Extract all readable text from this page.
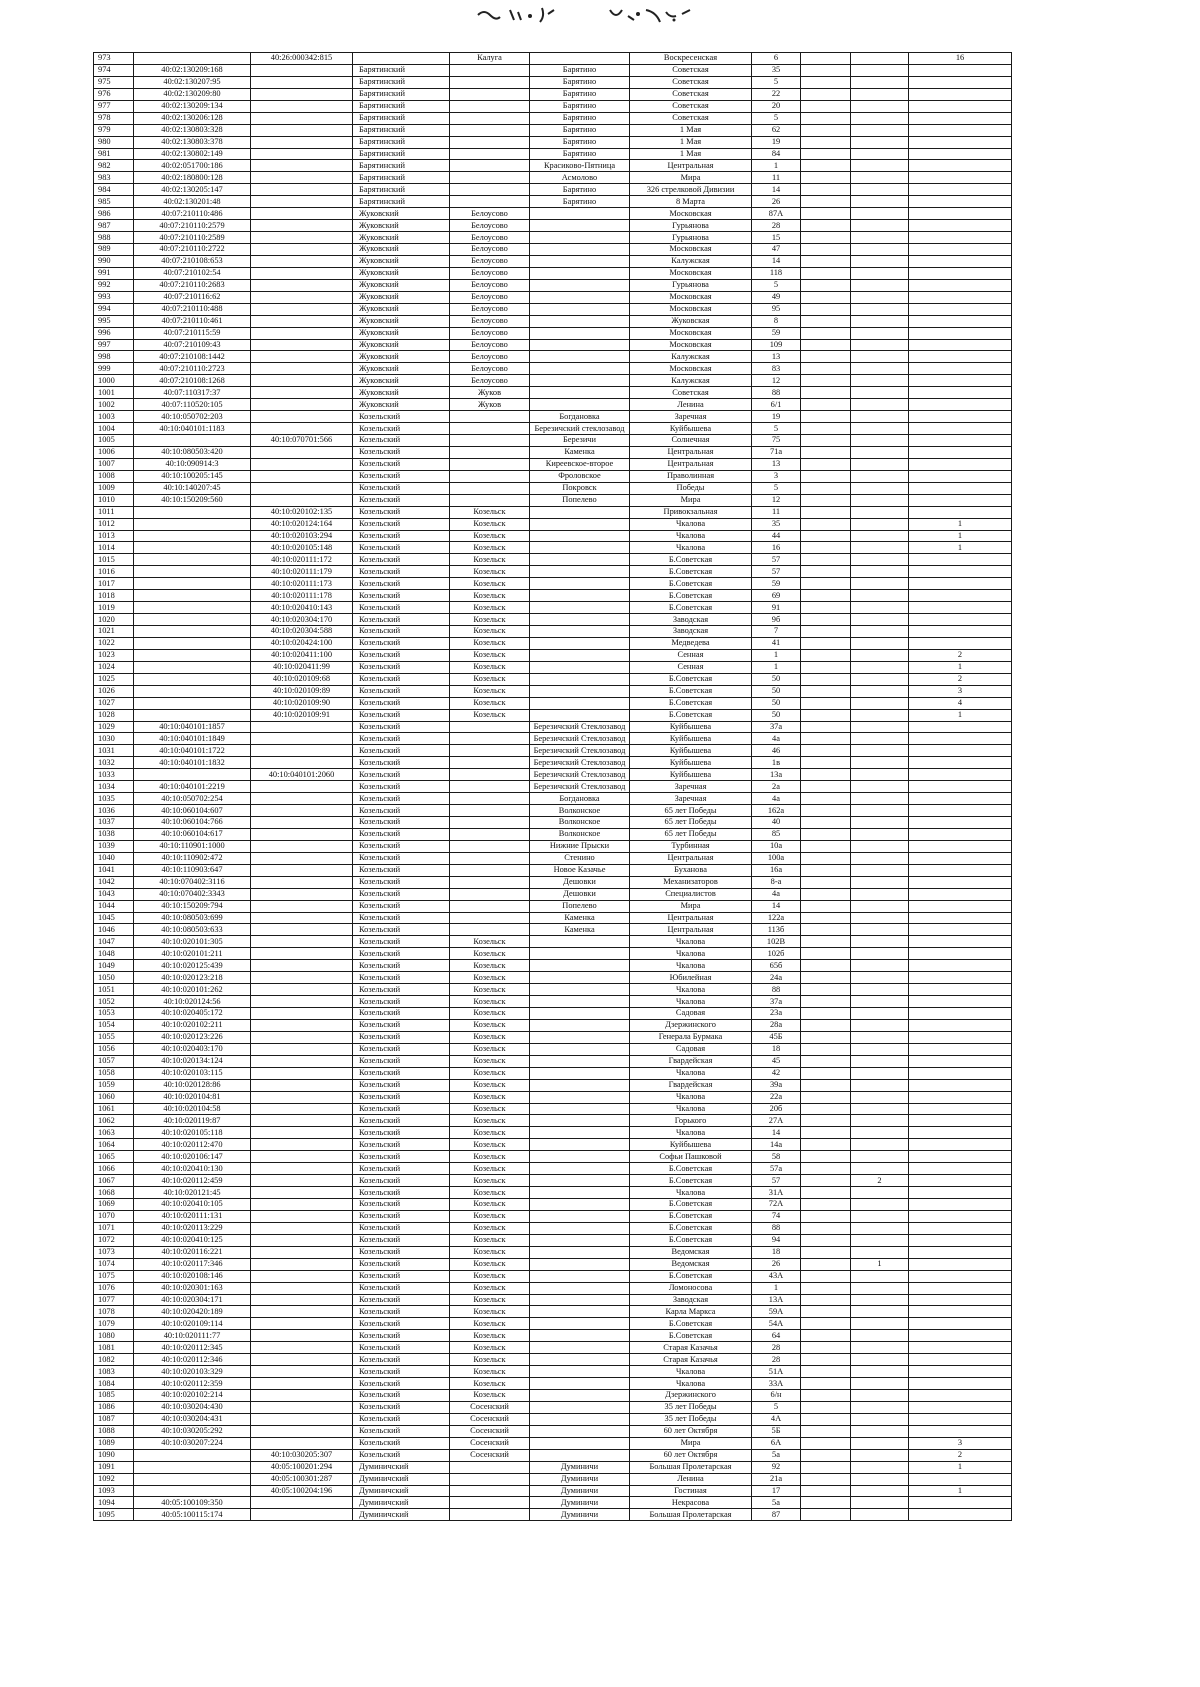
973		40:26:000342:815		Калуга		Воскресенская	6			16
974	40:02:130209:168		Барятинский		Барятино	Советская	35			
975	40:02:130207:95		Барятинский		Барятино	Советская	5			
976	40:02:130209:80		Барятинский		Барятино	Советская	22			
977	40:02:130209:134		Барятинский		Барятино	Советская	20			
978	40:02:130206:128		Барятинский		Барятино	Советская	5			
979	40:02:130803:328		Барятинский		Барятино	1 Мая	62			
980	40:02:130803:378		Барятинский		Барятино	1 Мая	19			
981	40:02:130802:149		Барятинский		Барятино	1 Мая	84			
982	40:02:051700:186		Барятинский		Красиково-Пятница	Центральная	1			
983	40:02:180800:128		Барятинский		Асмолово	Мира	11			
984	40:02:130205:147		Барятинский		Барятино	326 стрелковой Дивизии	14			
985	40:02:130201:48		Барятинский		Барятино	8 Марта	26			
986	40:07:210110:486		Жуковский	Белоусово		Московская	87А			
987	40:07:210110:2579		Жуковский	Белоусово		Гурьянова	28			
988	40:07:210110:2589		Жуковский	Белоусово		Гурьянова	15			
989	40:07:210110:2722		Жуковский	Белоусово		Московская	47			
990	40:07:210108:653		Жуковский	Белоусово		Калужская	14			
991	40:07:210102:54		Жуковский	Белоусово		Московская	118			
992	40:07:210110:2683		Жуковский	Белоусово		Гурьянова	5			
993	40:07:210116:62		Жуковский	Белоусово		Московская	49			
994	40:07:210110:488		Жуковский	Белоусово		Московская	95			
995	40:07:210110:461		Жуковский	Белоусово		Жуковская	8			
996	40:07:210115:59		Жуковский	Белоусово		Московская	59			
997	40:07:210109:43		Жуковский	Белоусово		Московская	109			
998	40:07:210108:1442		Жуковский	Белоусово		Калужская	13			
999	40:07:210110:2723		Жуковский	Белоусово		Московская	83			
1000	40:07:210108:1268		Жуковский	Белоусово		Калужская	12			
1001	40:07:110317:37		Жуковский	Жуков		Советская	88			
1002	40:07:110520:105		Жуковский	Жуков		Ленина	6/1			
1003	40:10:050702:203		Козельский		Богдановка	Заречная	19			
1004	40:10:040101:1183		Козельский		Березичский стеклозавод	Куйбышева	5			
1005		40:10:070701:566	Козельский		Березичи	Солнечная	75			
1006	40:10:080503:420		Козельский		Каменка	Центральная	71а			
1007	40:10:090914:3		Козельский		Киреевское-второе	Центральная	13			
1008	40:10:100205:145		Козельский		Фроловское	Праволинная	3			
1009	40:10:140207:45		Козельский		Покровск	Победы	5			
1010	40:10:150209:560		Козельский		Попелево	Мира	12			
1011		40:10:020102:135	Козельский	Козельск		Привокзальная	11			
1012		40:10:020124:164	Козельский	Козельск		Чкалова	35			1
1013		40:10:020103:294	Козельский	Козельск		Чкалова	44			1
1014		40:10:020105:148	Козельский	Козельск		Чкалова	16			1
1015		40:10:020111:172	Козельский	Козельск		Б.Советская	57			
1016		40:10:020111:179	Козельский	Козельск		Б.Советская	57			
1017		40:10:020111:173	Козельский	Козельск		Б.Советская	59			
1018		40:10:020111:178	Козельский	Козельск		Б.Советская	69			
1019		40:10:020410:143	Козельский	Козельск		Б.Советская	91			
1020		40:10:020304:170	Козельский	Козельск		Заводская	9б			
1021		40:10:020304:588	Козельский	Козельск		Заводская	7			
1022		40:10:020424:100	Козельский	Козельск		Медведева	41			
1023		40:10:020411:100	Козельский	Козельск		Сенная	1			2
1024		40:10:020411:99	Козельский	Козельск		Сенная	1			1
1025		40:10:020109:68	Козельский	Козельск		Б.Советская	50			2
1026		40:10:020109:89	Козельский	Козельск		Б.Советская	50			3
1027		40:10:020109:90	Козельский	Козельск		Б.Советская	50			4
1028		40:10:020109:91	Козельский	Козельск		Б.Советская	50			1
1029	40:10:040101:1857		Козельский		Березичский Стеклозавод	Куйбышева	37а			
1030	40:10:040101:1849		Козельский		Березичский Стеклозавод	Куйбышева	4а			
1031	40:10:040101:1722		Козельский		Березичский Стеклозавод	Куйбышева	46			
1032	40:10:040101:1832		Козельский		Березичский Стеклозавод	Куйбышева	1в			
1033		40:10:040101:2060	Козельский		Березичский Стеклозавод	Куйбышева	13а			
1034	40:10:040101:2219		Козельский		Березичский Стеклозавод	Заречная	2а			
1035	40:10:050702:254		Козельский		Богдановка	Заречная	4а			
1036	40:10:060104:607		Козельский		Волконское	65 лет Победы	162а			
1037	40:10:060104:766		Козельский		Волконское	65 лет Победы	40			
1038	40:10:060104:617		Козельский		Волконское	65 лет Победы	85			
1039	40:10:110901:1000		Козельский		Нижние Прыски	Турбинная	10а			
1040	40:10:110902:472		Козельский		Стенино	Центральная	100а			
1041	40:10:110903:647		Козельский		Новое Казачье	Буханова	16а			
1042	40:10:070402:3116		Козельский		Дешовки	Механизаторов	8-а			
1043	40:10:070402:3343		Козельский		Дешовки	Специалистов	4а			
1044	40:10:150209:794		Козельский		Попелево	Мира	14			
1045	40:10:080503:699		Козельский		Каменка	Центральная	122а			
1046	40:10:080503:633		Козельский		Каменка	Центральная	113б			
1047	40:10:020101:305		Козельский	Козельск		Чкалова	102В			
1048	40:10:020101:211		Козельский	Козельск		Чкалова	102б			
1049	40:10:020125:439		Козельский	Козельск		Чкалова	65б			
1050	40:10:020123:218		Козельский	Козельск		Юбилейная	24а			
1051	40:10:020101:262		Козельский	Козельск		Чкалова	88			
1052	40:10:020124:56		Козельский	Козельск		Чкалова	37а			
1053	40:10:020405:172		Козельский	Козельск		Садовая	23а			
1054	40:10:020102:211		Козельский	Козельск		Дзержинского	28а			
1055	40:10:020123:226		Козельский	Козельск		Генерала Бурмака	45Б			
1056	40:10:020403:170		Козельский	Козельск		Садовая	18			
1057	40:10:020134:124		Козельский	Козельск		Гвардейская	45			
1058	40:10:020103:115		Козельский	Козельск		Чкалова	42			
1059	40:10:020128:86		Козельский	Козельск		Гвардейская	39а			
1060	40:10:020104:81		Козельский	Козельск		Чкалова	22а			
1061	40:10:020104:58		Козельский	Козельск		Чкалова	20б			
1062	40:10:020119:87		Козельский	Козельск		Горького	27А			
1063	40:10:020105:118		Козельский	Козельск		Чкалова	14			
1064	40:10:020112:470		Козельский	Козельск		Куйбышева	14а			
1065	40:10:020106:147		Козельский	Козельск		Софьи Пашковой	58			
1066	40:10:020410:130		Козельский	Козельск		Б.Советская	57а			
1067	40:10:020112:459		Козельский	Козельск		Б.Советская	57		2	
1068	40:10:020121:45		Козельский	Козельск		Чкалова	31А			
1069	40:10:020410:105		Козельский	Козельск		Б.Советская	72А			
1070	40:10:020111:131		Козельский	Козельск		Б.Советская	74			
1071	40:10:020113:229		Козельский	Козельск		Б.Советская	88			
1072	40:10:020410:125		Козельский	Козельск		Б.Советская	94			
1073	40:10:020116:221		Козельский	Козельск		Ведомская	18			
1074	40:10:020117:346		Козельский	Козельск		Ведомская	26		1	
1075	40:10:020108:146		Козельский	Козельск		Б.Советская	43А			
1076	40:10:020301:163		Козельский	Козельск		Ломоносова	1			
1077	40:10:020304:171		Козельский	Козельск		Заводская	13А			
1078	40:10:020420:189		Козельский	Козельск		Карла Маркса	59А			
1079	40:10:020109:114		Козельский	Козельск		Б.Советская	54А			
1080	40:10:020111:77		Козельский	Козельск		Б.Советская	64			
1081	40:10:020112:345		Козельский	Козельск		Старая Казачья	28			
1082	40:10:020112:346		Козельский	Козельск		Старая Казачья	28			
1083	40:10:020103:329		Козельский	Козельск		Чкалова	51А			
1084	40:10:020112:359		Козельский	Козельск		Чкалова	33А			
1085	40:10:020102:214		Козельский	Козельск		Дзержинского	6/н			
1086	40:10:030204:430		Козельский	Сосенский		35 лет Победы	5			
1087	40:10:030204:431		Козельский	Сосенский		35 лет Победы	4А			
1088	40:10:030205:292		Козельский	Сосенский		60 лет Октября	5Б			
1089	40:10:030207:224		Козельский	Сосенский		Мира	6А			3
1090		40:10:030205:307	Козельский	Сосенский		60 лет Октября	5а			2
1091		40:05:100201:294	Думиничский		Думиничи	Большая Пролетарская	92			1
1092		40:05:100301:287	Думиничский		Думиничи	Ленина	21а			
1093		40:05:100204:196	Думиничский		Думиничи	Гостиная	17			1
1094	40:05:100109:350		Думиничский		Думиничи	Некрасова	5а			
1095	40:05:100115:174		Думиничский		Думиничи	Большая Пролетарская	87			
